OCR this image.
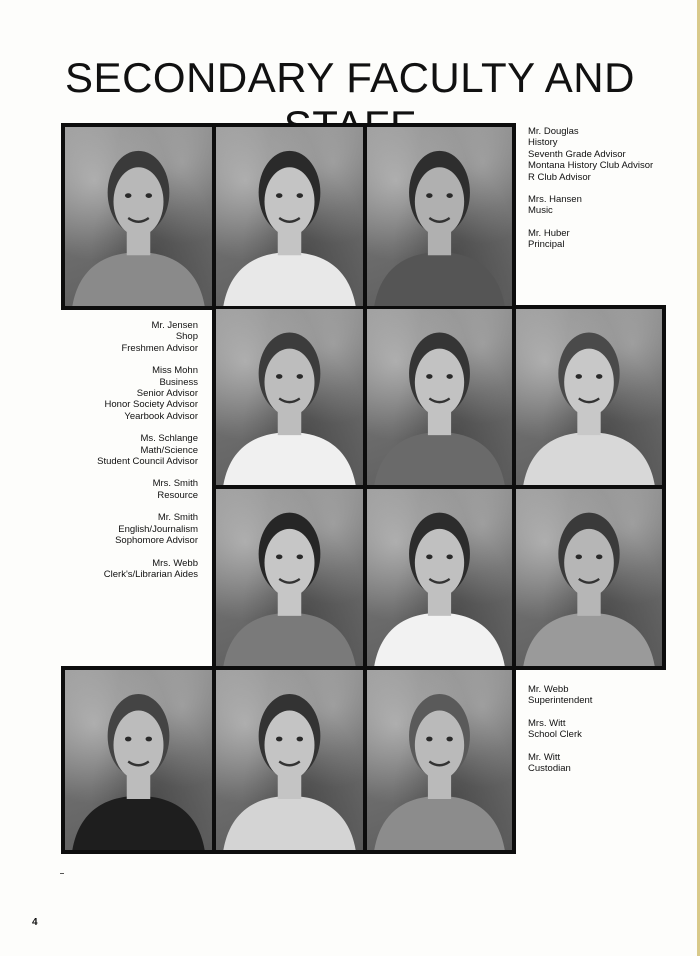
SECONDARY FACULTY AND
Mr. Douglas
History
Seventh Grade Advisor
Montana History Club Advisor
R Club Advisor
Mrs. Hansen
Music
Mr. Huber
Principal
Mr. Jensen
Shop
Freshmen Advisor
Miss Mohn
Business
Senior Advisor
Honor Society Advisor
Yearbook Advisor
Ms. Schlange
Math/Science
Student Council Advisor
Mrs. Smith
Resource
Mr. Smith
English/Journalism
Sophomore Advisor
Mrs. Webb
Clerk's/Librarian Aides
Mr. Webb
Superintendent
Mrs. Witt
School Clerk
Mr. Witt
Custodian
4
